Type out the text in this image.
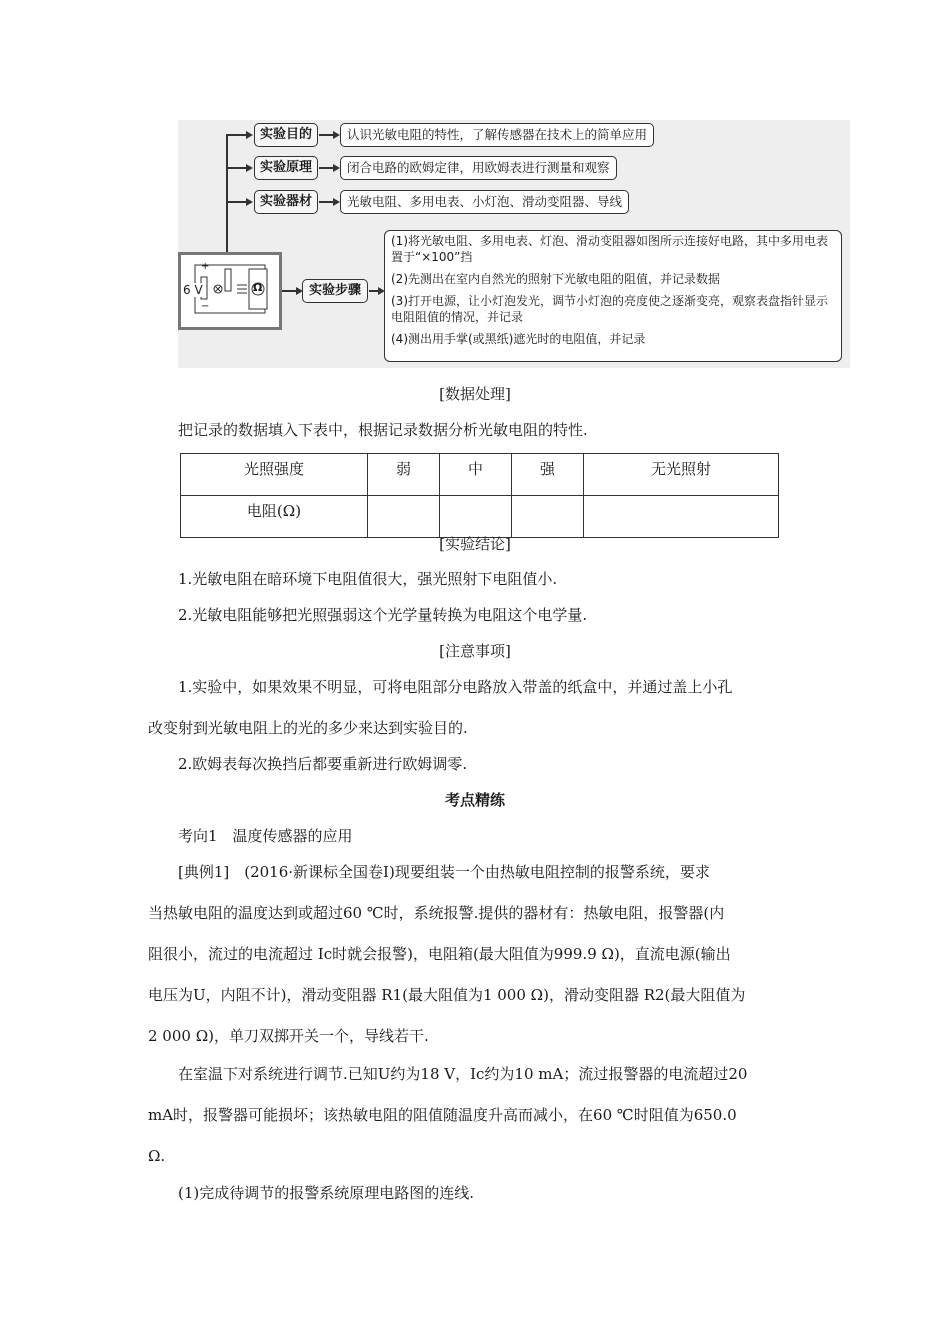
实验目的
实验原理
实验器材
认识光敏电阻的特性，了解传感器在技术上的简单应用
闭合电路的欧姆定律，用欧姆表进行测量和观察
光敏电阻、多用电表、小灯泡、滑动变阻器、导线
6 V
+
−
Ω	实验步骤

(1)将光敏电阻、多用电表、灯泡、滑动变阻器如图所示连接好电路，其中多用电表置于“×100”挡

(2)先测出在室内自然光的照射下光敏电阻的阻值，并记录数据

(3)打开电源，让小灯泡发光，调节小灯泡的亮度使之逐渐变亮，观察表盘指针显示电阻阻值的情况，并记录

(4)测出用手掌(或黑纸)遮光时的电阻值，并记录

[数据处理]
把记录的数据填入下表中，根据记录数据分析光敏电阻的特性.
光照强度	弱	中	强	无光照射
电阻(Ω)				
[实验结论]
1.光敏电阻在暗环境下电阻值很大，强光照射下电阻值小.
2.光敏电阻能够把光照强弱这个光学量转换为电阻这个电学量.
[注意事项]
1.实验中，如果效果不明显，可将电阻部分电路放入带盖的纸盒中，并通过盖上小孔
改变射到光敏电阻上的光的多少来达到实验目的.
2.欧姆表每次换挡后都要重新进行欧姆调零.
考点精练
考向1　温度传感器的应用
[典例1]　(2016·新课标全国卷Ⅰ)现要组装一个由热敏电阻控制的报警系统，要求
当热敏电阻的温度达到或超过60 ℃时，系统报警.提供的器材有：热敏电阻，报警器(内
阻很小，流过的电流超过 Ic时就会报警)，电阻箱(最大阻值为999.9 Ω)，直流电源(输出
电压为U，内阻不计)，滑动变阻器 R1(最大阻值为1 000 Ω)，滑动变阻器 R2(最大阻值为
2 000 Ω)，单刀双掷开关一个，导线若干.
在室温下对系统进行调节.已知U约为18 V，Ic约为10 mA；流过报警器的电流超过20
mA时，报警器可能损坏；该热敏电阻的阻值随温度升高而减小，在60 ℃时阻值为650.0
Ω.
(1)完成待调节的报警系统原理电路图的连线.
